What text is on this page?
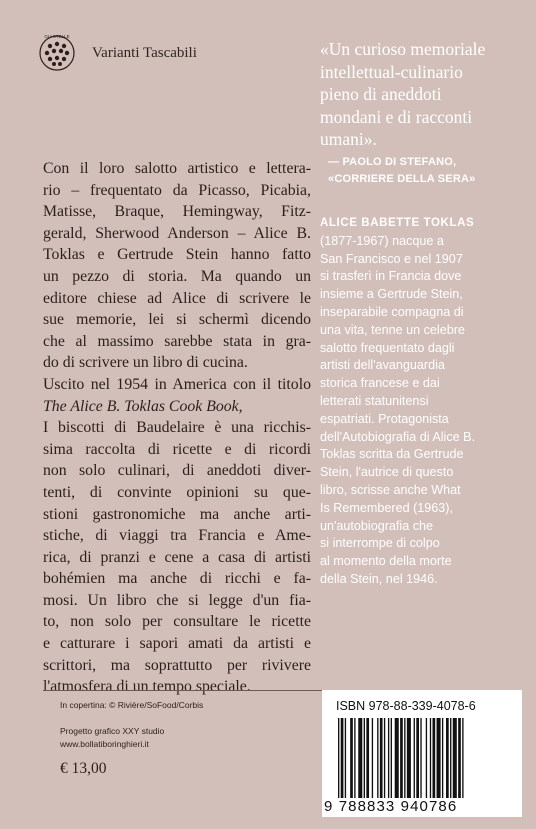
GLI STELLE
Varianti Tascabili	«Un curioso memoriale
intellettual-culinario
pieno di aneddoti
mondani e di racconti
umani».
— PAOLO DI STEFANO,
«CORRIERE DELLA SERA»
Con il loro salotto artistico e lettera-
rio – frequentato da Picasso, Picabia,
Matisse, Braque, Hemingway, Fitz-
gerald, Sherwood Anderson – Alice B.
Toklas e Gertrude Stein hanno fatto
un pezzo di storia. Ma quando un
editore chiese ad Alice di scrivere le
sue memorie, lei si schermì dicendo
che al massimo sarebbe stata in gra-
do di scrivere un libro di cucina.
Uscito nel 1954 in America con il titolo
The Alice B. Toklas Cook Book,
I biscotti di Baudelaire è una ricchis-
sima raccolta di ricette e di ricordi
non solo culinari, di aneddoti diver-
tenti, di convinte opinioni su que-
stioni gastronomiche ma anche arti-
stiche, di viaggi tra Francia e Ame-
rica, di pranzi e cene a casa di artisti
bohémien ma anche di ricchi e fa-
mosi. Un libro che si legge d'un fia-
to, non solo per consultare le ricette
e catturare i sapori amati da artisti e
scrittori, ma soprattutto per rivivere
l'atmosfera di un tempo speciale.
ALICE BABETTE TOKLAS
(1877-1967) nacque a
San Francisco e nel 1907
si trasferì in Francia dove
insieme a Gertrude Stein,
inseparabile compagna di
una vita, tenne un celebre
salotto frequentato dagli
artisti dell'avanguardia
storica francese e dai
letterati statunitensi
espatriati. Protagonista
dell'Autobiografia di Alice B.
Toklas scritta da Gertrude
Stein, l'autrice di questo
libro, scrisse anche What
Is Remembered (1963),
un'autobiografia che
si interrompe di colpo
al momento della morte
della Stein, nel 1946.
In copertina: © Rivière/SoFood/Corbis
Progetto grafico XXY studio
www.bollatiboringhieri.it
€ 13,00
ISBN 978-88-339-4078-6
9 788833 940786
